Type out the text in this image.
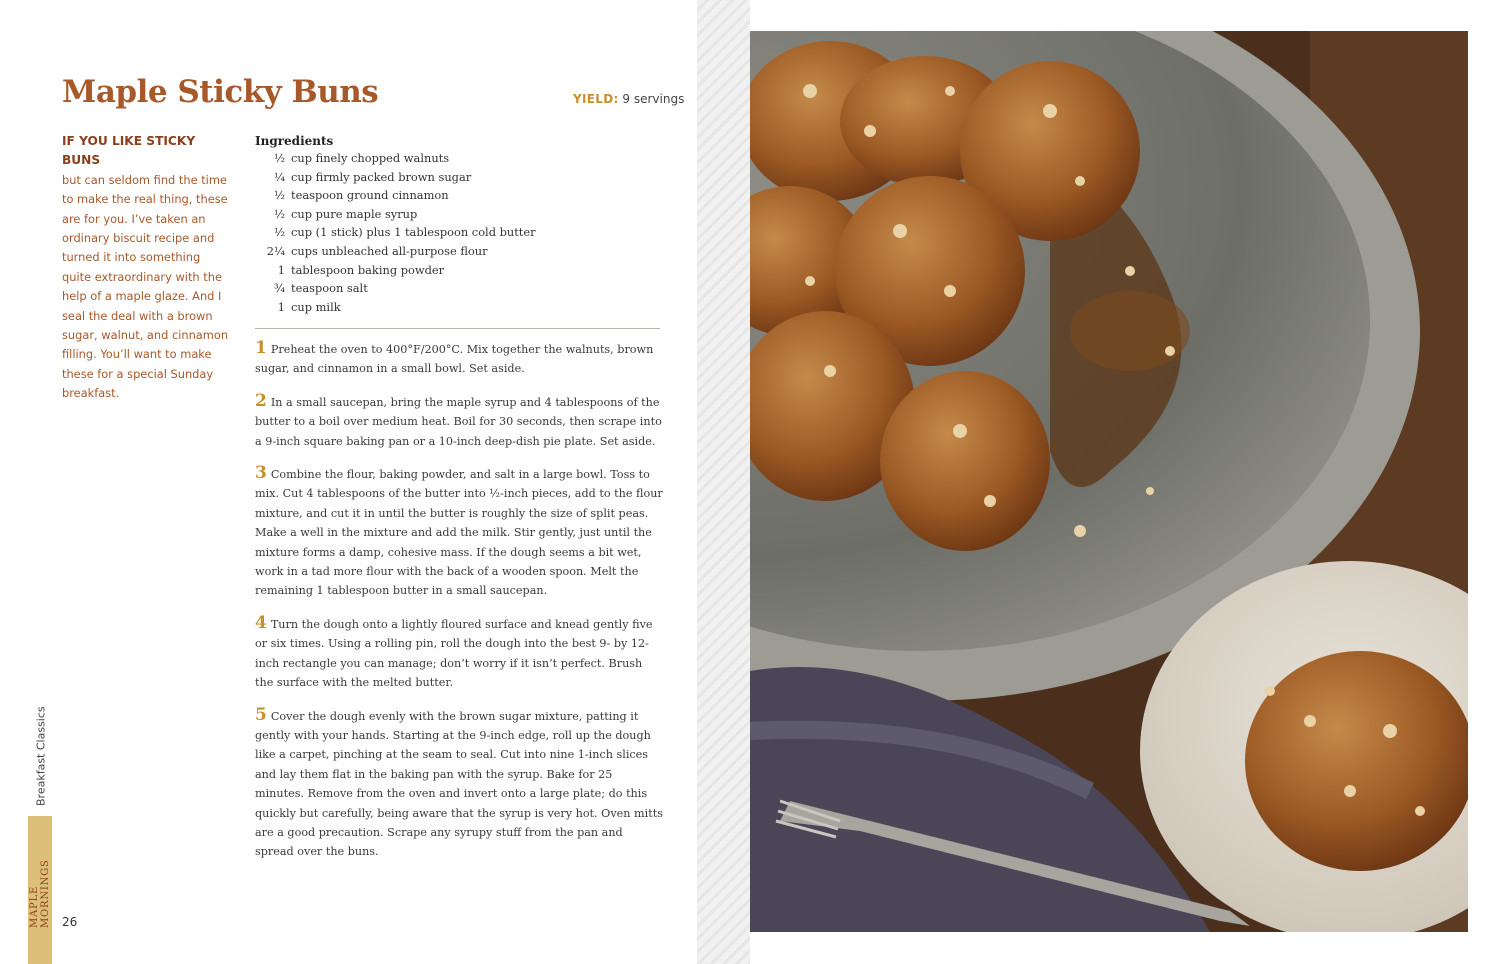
Maple Sticky Buns	YIELD: 9 servings
IF YOU LIKE STICKY BUNS
but can seldom find the time to make the real thing, these are for you. I’ve taken an ordinary biscuit recipe and turned it into something quite extraordinary with the help of a maple glaze. And I seal the deal with a brown sugar, walnut, and cinnamon filling. You’ll want to make these for a special Sunday breakfast.
Ingredients
½ cup finely chopped walnuts
¼ cup firmly packed brown sugar
½ teaspoon ground cinnamon
½ cup pure maple syrup
½ cup (1 stick) plus 1 tablespoon cold butter
2¼ cups unbleached all-purpose flour
1 tablespoon baking powder
¾ teaspoon salt
1 cup milk

1 Preheat the oven to 400°F/200°C. Mix together the walnuts, brown sugar, and cinnamon in a small bowl. Set aside.

2 In a small saucepan, bring the maple syrup and 4 tablespoons of the butter to a boil over medium heat. Boil for 30 seconds, then scrape into a 9-inch square baking pan or a 10-inch deep-dish pie plate. Set aside.

3 Combine the flour, baking powder, and salt in a large bowl. Toss to mix. Cut 4 tablespoons of the butter into ½-inch pieces, add to the flour mixture, and cut it in until the butter is roughly the size of split peas. Make a well in the mixture and add the milk. Stir gently, just until the mixture forms a damp, cohesive mass. If the dough seems a bit wet, work in a tad more flour with the back of a wooden spoon. Melt the remaining 1 tablespoon butter in a small saucepan.

4 Turn the dough onto a lightly floured surface and knead gently five or six times. Using a rolling pin, roll the dough into the best 9- by 12-inch rectangle you can manage; don’t worry if it isn’t perfect. Brush the surface with the melted butter.

5 Cover the dough evenly with the brown sugar mixture, patting it gently with your hands. Starting at the 9-inch edge, roll up the dough like a carpet, pinching at the seam to seal. Cut into nine 1-inch slices and lay them flat in the baking pan with the syrup. Bake for 25 minutes. Remove from the oven and invert onto a large plate; do this quickly but carefully, being aware that the syrup is very hot. Oven mitts are a good precaution. Scrape any syrupy stuff from the pan and spread over the buns.

Breakfast Classics
MAPLE MORNINGS 26
